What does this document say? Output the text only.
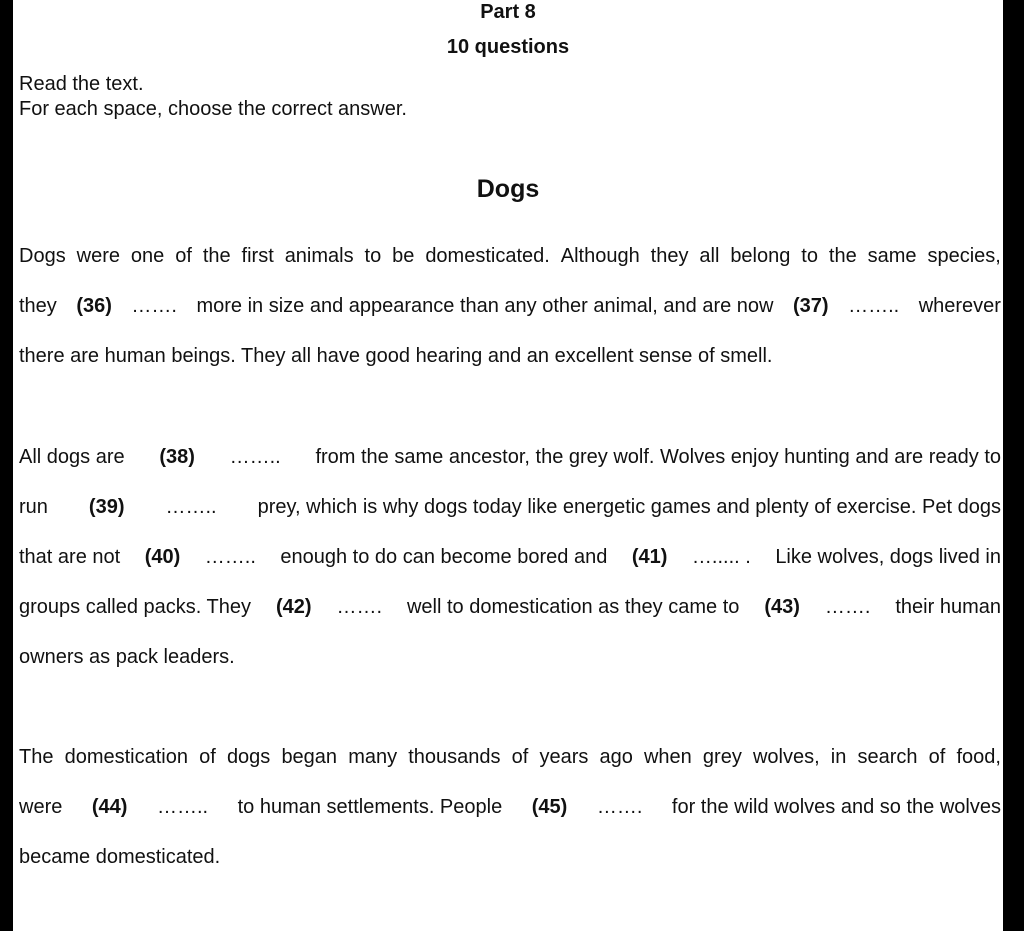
Part 8
10 questions
Read the text.
For each space, choose the correct answer.
Dogs
Dogs were one of the first animals to be domesticated. Although they all belong to the same species,
they (36) ……. more in size and appearance than any other animal, and are now (37) …….. wherever
there are human beings. They all have good hearing and an excellent sense of smell.
All dogs are (38) …….. from the same ancestor, the grey wolf. Wolves enjoy hunting and are ready to
run (39) …….. prey, which is why dogs today like energetic games and plenty of exercise. Pet dogs
that are not (40) …….. enough to do can become bored and (41) …..... . Like wolves, dogs lived in
groups called packs. They (42) ……. well to domestication as they came to (43) ……. their human
owners as pack leaders.
The domestication of dogs began many thousands of years ago when grey wolves, in search of food,
were (44) …….. to human settlements. People (45) ……. for the wild wolves and so the wolves
became domesticated.
